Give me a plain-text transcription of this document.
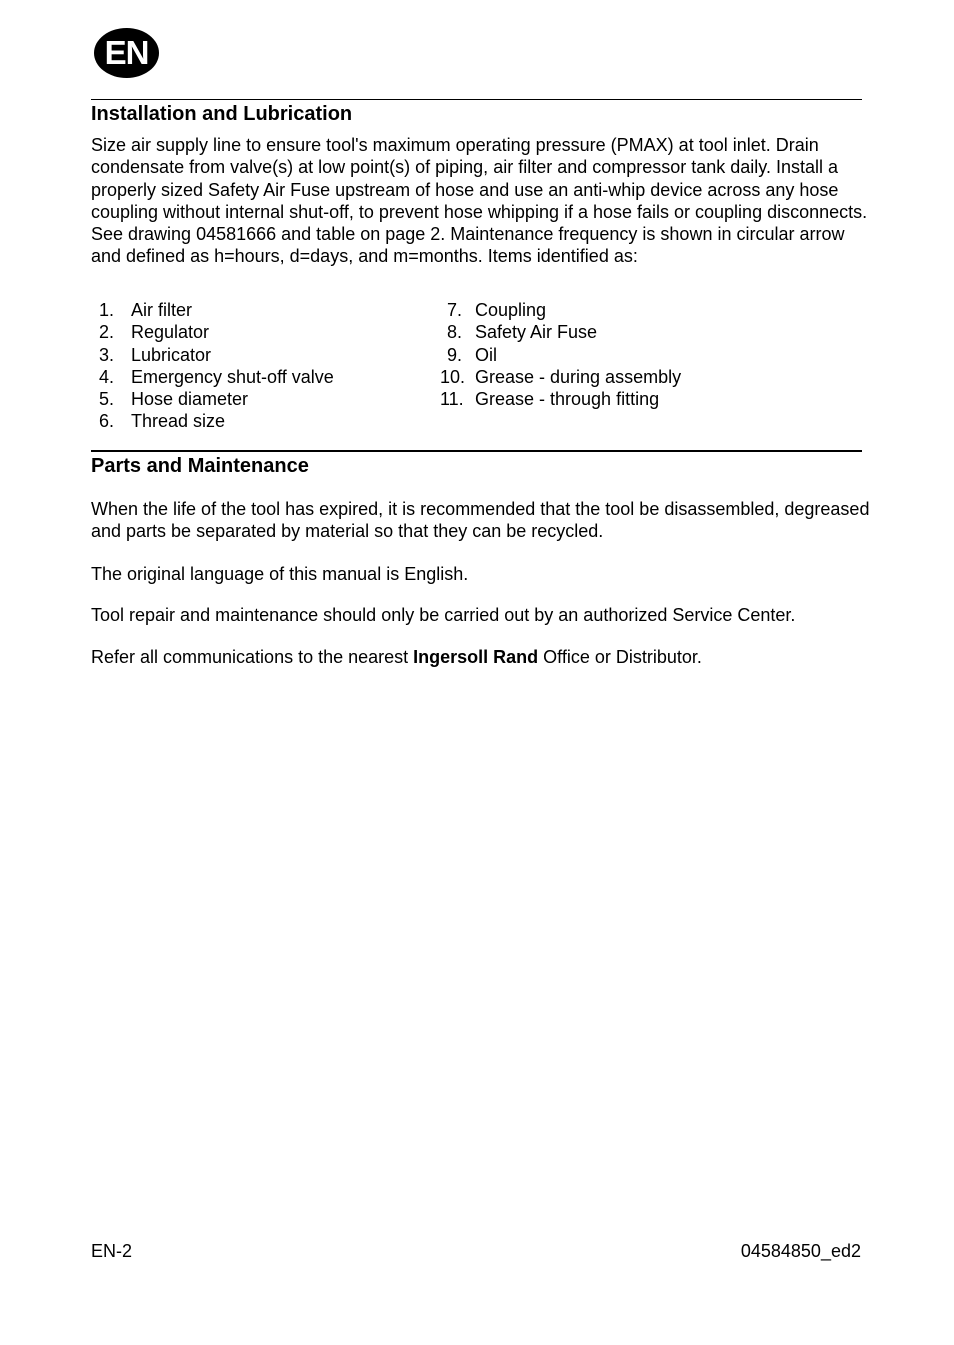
EN
Installation and Lubrication

Size air supply line to ensure tool's maximum operating pressure (PMAX) at tool inlet. Drain condensate from valve(s) at low point(s) of piping, air filter and compressor tank daily. Install a properly sized Safety Air Fuse upstream of hose and use an anti-whip device across any hose coupling without internal shut-off, to prevent hose whipping if a hose fails or coupling disconnects. See drawing 04581666 and table on page 2. Maintenance frequency is shown in circular arrow and defined as h=hours, d=days, and m=months. Items identified as:

1. Air filter
2. Regulator
3. Lubricator
4. Emergency shut-off valve
5. Hose diameter
6. Thread size
7. Coupling
8. Safety Air Fuse
9. Oil
10. Grease - during assembly
11. Grease - through fitting
Parts and Maintenance

When the life of the tool has expired, it is recommended that the tool be disassembled, degreased and parts be separated by material so that they can be recycled.

The original language of this manual is English.

Tool repair and maintenance should only be carried out by an authorized Service Center.

Refer all communications to the nearest Ingersoll Rand Office or Distributor.

EN-2	04584850_ed2
